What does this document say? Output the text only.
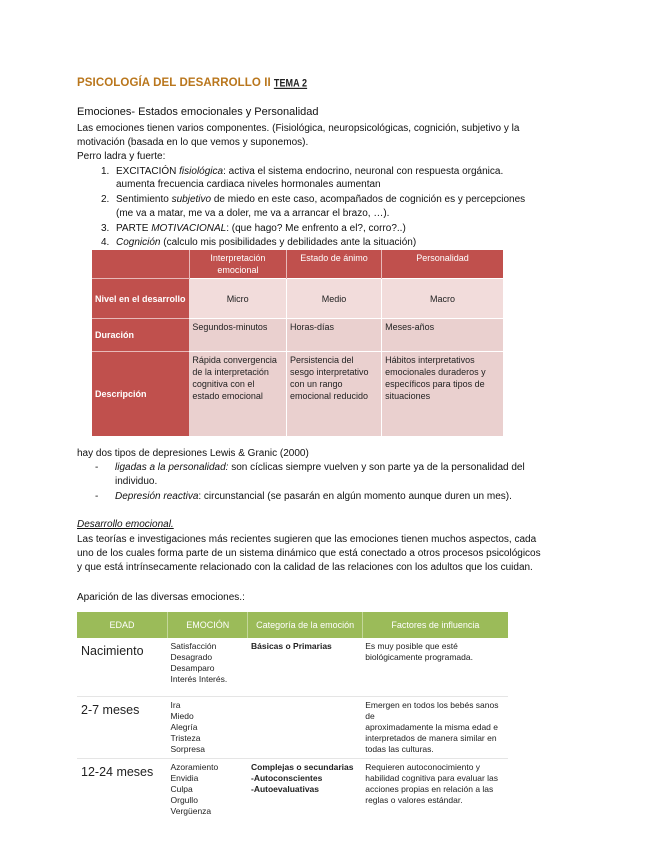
PSICOLOGÍA DEL DESARROLLO II TEMA 2
Emociones- Estados emocionales y Personalidad
Las emociones tienen varios componentes. (Fisiológica, neuropsicológicas, cognición, subjetivo y la
motivación (basada en lo que vemos y suponemos).
Perro ladra y fuerte:
1. EXCITACIÓN fisiológica: activa el sistema endocrino, neuronal con respuesta orgánica.
aumenta frecuencia cardiaca niveles hormonales aumentan
2. Sentimiento subjetivo de miedo en este caso, acompañados de cognición es y percepciones
(me va a matar, me va a doler, me va a arrancar el brazo, …).
3. PARTE MOTIVACIONAL: (que hago? Me enfrento a el?, corro?..)
4. Cognición (calculo mis posibilidades y debilidades ante la situación)
	Interpretación emocional	Estado de ánimo	Personalidad
Nivel en el desarrollo	Micro	Medio	Macro
Duración	Segundos-minutos	Horas-días	Meses-años
Descripción	Rápida convergencia de la interpretación cognitiva con el estado emocional	Persistencia del sesgo interpretativo con un rango emocional reducido	Hábitos interpretativos emocionales duraderos y específicos para tipos de situaciones
hay dos tipos de depresiones Lewis & Granic (2000)
- ligadas a la personalidad: son cíclicas siempre vuelven y son parte ya de la personalidad del
individuo.
- Depresión reactiva: circunstancial (se pasarán en algún momento aunque duren un mes).
Desarrollo emocional.
Las teorías e investigaciones más recientes sugieren que las emociones tienen muchos aspectos, cada
uno de los cuales forma parte de un sistema dinámico que está conectado a otros procesos psicológicos
y que está intrínsecamente relacionado con la calidad de las relaciones con los adultos que los cuidan.
Aparición de las diversas emociones.:
EDAD	EMOCIÓN	Categoría de la emoción	Factores de influencia
Nacimiento	Satisfacción
Desagrado
Desamparo
Interés Interés.	Básicas o Primarias	Es muy posible que esté
biológicamente programada.
2-7 meses	Ira
Miedo
Alegría
Tristeza
Sorpresa		Emergen en todos los bebés sanos de
aproximadamente la misma edad e
interpretados de manera similar en
todas las culturas.
12-24 meses	Azoramiento
Envidia
Culpa
Orgullo
Vergüenza	Complejas o secundarias
-Autoconscientes
-Autoevaluativas	Requieren autoconocimiento y
habilidad cognitiva para evaluar las
acciones propias en relación a las
reglas o valores estándar.
